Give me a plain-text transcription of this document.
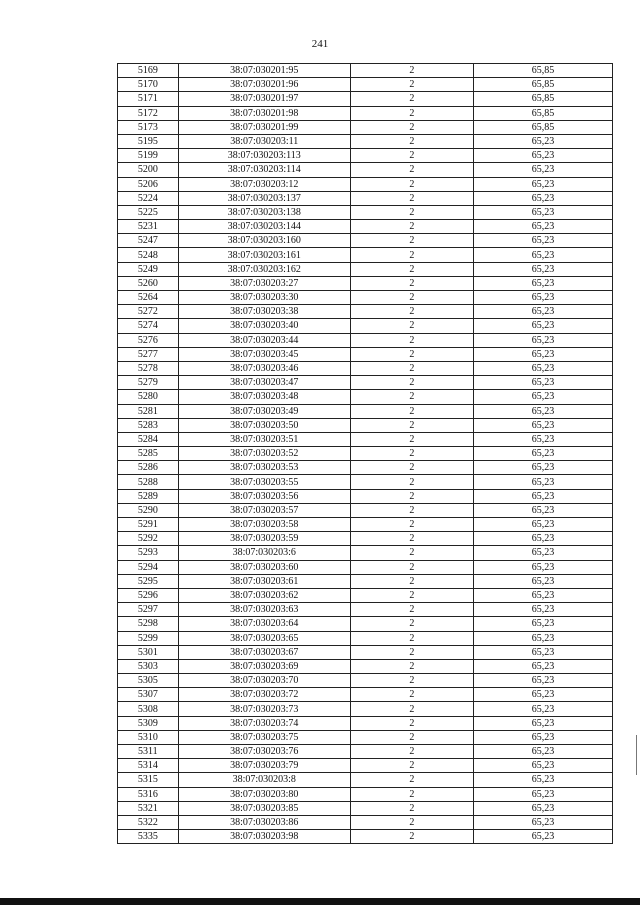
241
5169	38:07:030201:95	2	65,85
5170	38:07:030201:96	2	65,85
5171	38:07:030201:97	2	65,85
5172	38:07:030201:98	2	65,85
5173	38:07:030201:99	2	65,85
5195	38:07:030203:11	2	65,23
5199	38:07:030203:113	2	65,23
5200	38:07:030203:114	2	65,23
5206	38:07:030203:12	2	65,23
5224	38:07:030203:137	2	65,23
5225	38:07:030203:138	2	65,23
5231	38:07:030203:144	2	65,23
5247	38:07:030203:160	2	65,23
5248	38:07:030203:161	2	65,23
5249	38:07:030203:162	2	65,23
5260	38:07:030203:27	2	65,23
5264	38:07:030203:30	2	65,23
5272	38:07:030203:38	2	65,23
5274	38:07:030203:40	2	65,23
5276	38:07:030203:44	2	65,23
5277	38:07:030203:45	2	65,23
5278	38:07:030203:46	2	65,23
5279	38:07:030203:47	2	65,23
5280	38:07:030203:48	2	65,23
5281	38:07:030203:49	2	65,23
5283	38:07:030203:50	2	65,23
5284	38:07:030203:51	2	65,23
5285	38:07:030203:52	2	65,23
5286	38:07:030203:53	2	65,23
5288	38:07:030203:55	2	65,23
5289	38:07:030203:56	2	65,23
5290	38:07:030203:57	2	65,23
5291	38:07:030203:58	2	65,23
5292	38:07:030203:59	2	65,23
5293	38:07:030203:6	2	65,23
5294	38:07:030203:60	2	65,23
5295	38:07:030203:61	2	65,23
5296	38:07:030203:62	2	65,23
5297	38:07:030203:63	2	65,23
5298	38:07:030203:64	2	65,23
5299	38:07:030203:65	2	65,23
5301	38:07:030203:67	2	65,23
5303	38:07:030203:69	2	65,23
5305	38:07:030203:70	2	65,23
5307	38:07:030203:72	2	65,23
5308	38:07:030203:73	2	65,23
5309	38:07:030203:74	2	65,23
5310	38:07:030203:75	2	65,23
5311	38:07:030203:76	2	65,23
5314	38:07:030203:79	2	65,23
5315	38:07:030203:8	2	65,23
5316	38:07:030203:80	2	65,23
5321	38:07:030203:85	2	65,23
5322	38:07:030203:86	2	65,23
5335	38:07:030203:98	2	65,23
